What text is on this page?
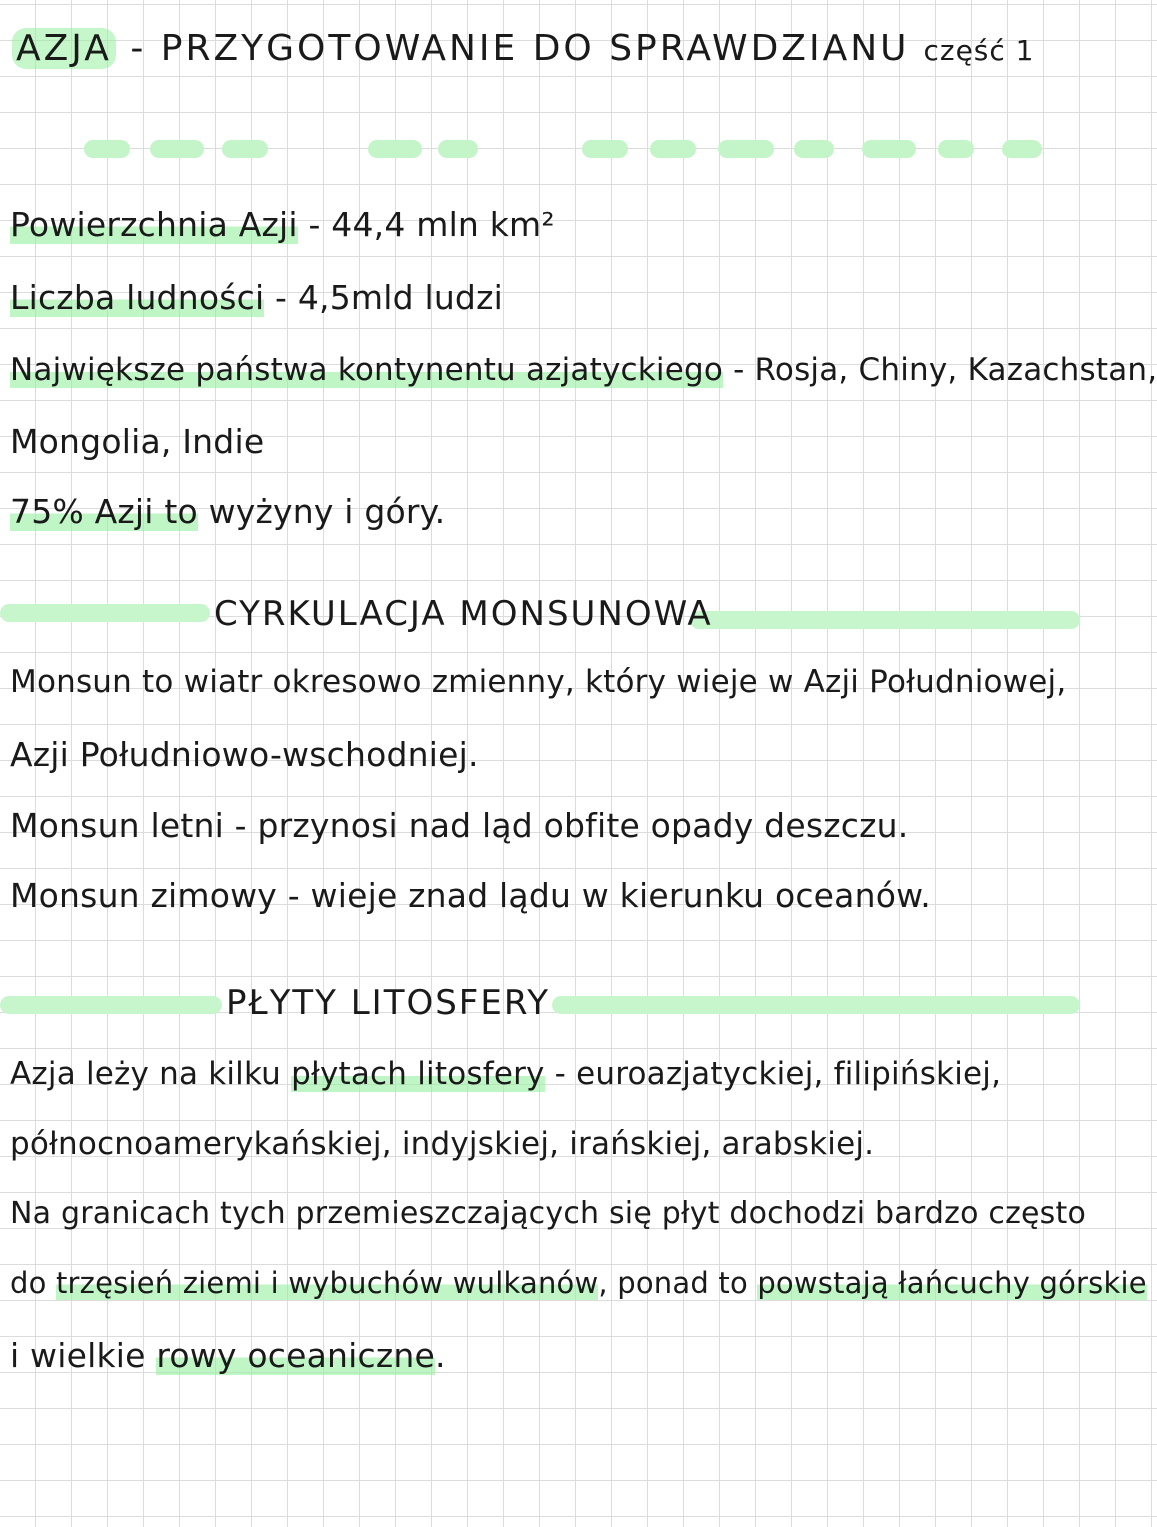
AZJA - PRZYGOTOWANIE DO SPRAWDZIANU część 1

Powierzchnia Azji - 44,4 mln km²

Liczba ludności - 4,5mld ludzi

Największe państwa kontynentu azjatyckiego - Rosja, Chiny, Kazachstan,

Mongolia, Indie

75% Azji to wyżyny i góry.

CYRKULACJA MONSUNOWA

Monsun to wiatr okresowo zmienny, który wieje w Azji Południowej,

Azji Południowo-wschodniej.

Monsun letni - przynosi nad ląd obfite opady deszczu.

Monsun zimowy - wieje znad lądu w kierunku oceanów.

PŁYTY LITOSFERY

Azja leży na kilku płytach litosfery - euroazjatyckiej, filipińskiej,

północnoamerykańskiej, indyjskiej, irańskiej, arabskiej.

Na granicach tych przemieszczających się płyt dochodzi bardzo często

do trzęsień ziemi i wybuchów wulkanów, ponad to powstają łańcuchy górskie

i wielkie rowy oceaniczne.
